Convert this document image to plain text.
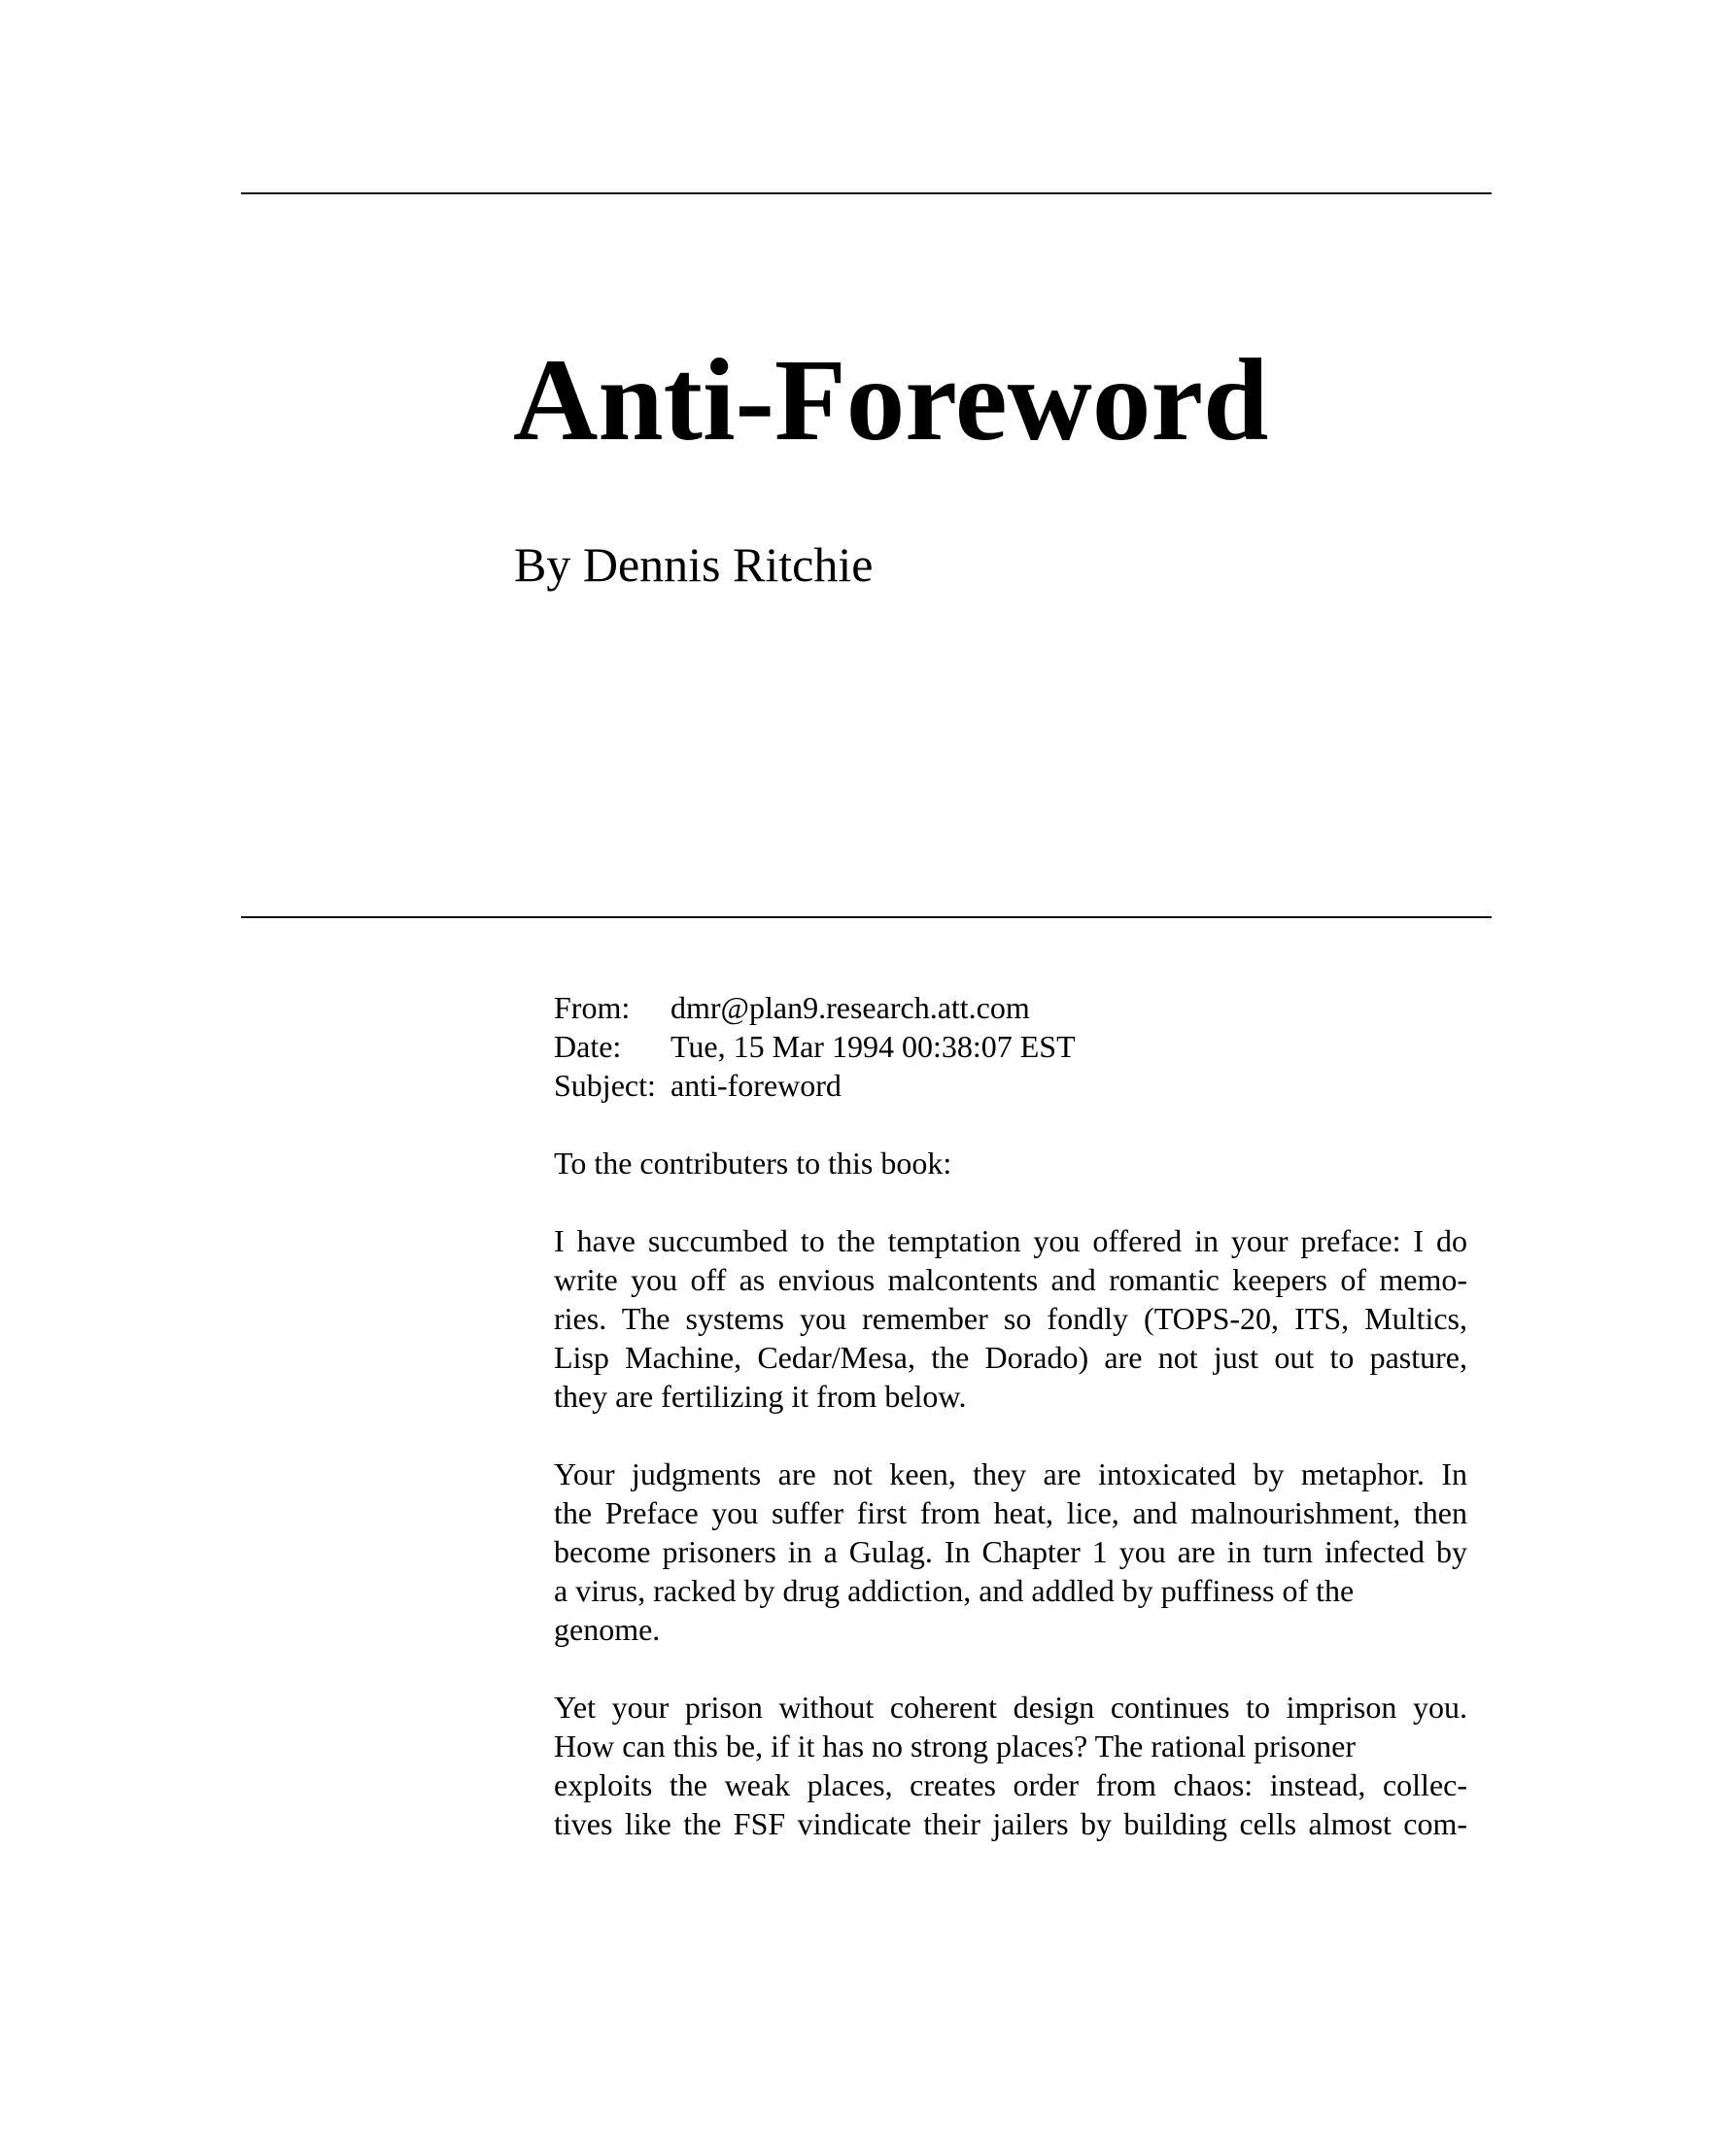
Anti-Foreword
By Dennis Ritchie
From:	dmr@plan9.research.att.com
Date:	Tue, 15 Mar 1994 00:38:07 EST
Subject: anti-foreword
To the contributers to this book:
I have succumbed to the temptation you offered in your preface: I do
write you off as envious malcontents and romantic keepers of memo-
ries. The systems you remember so fondly (TOPS-20, ITS, Multics,
Lisp Machine, Cedar/Mesa, the Dorado) are not just out to pasture,
they are fertilizing it from below.
Your judgments are not keen, they are intoxicated by metaphor. In
the Preface you suffer first from heat, lice, and malnourishment, then
become prisoners in a Gulag. In Chapter 1 you are in turn infected by
a virus, racked by drug addiction, and addled by puffiness of the
genome.
Yet your prison without coherent design continues to imprison you.
How can this be, if it has no strong places? The rational prisoner
exploits the weak places, creates order from chaos: instead, collec-
tives like the FSF vindicate their jailers by building cells almost com-
